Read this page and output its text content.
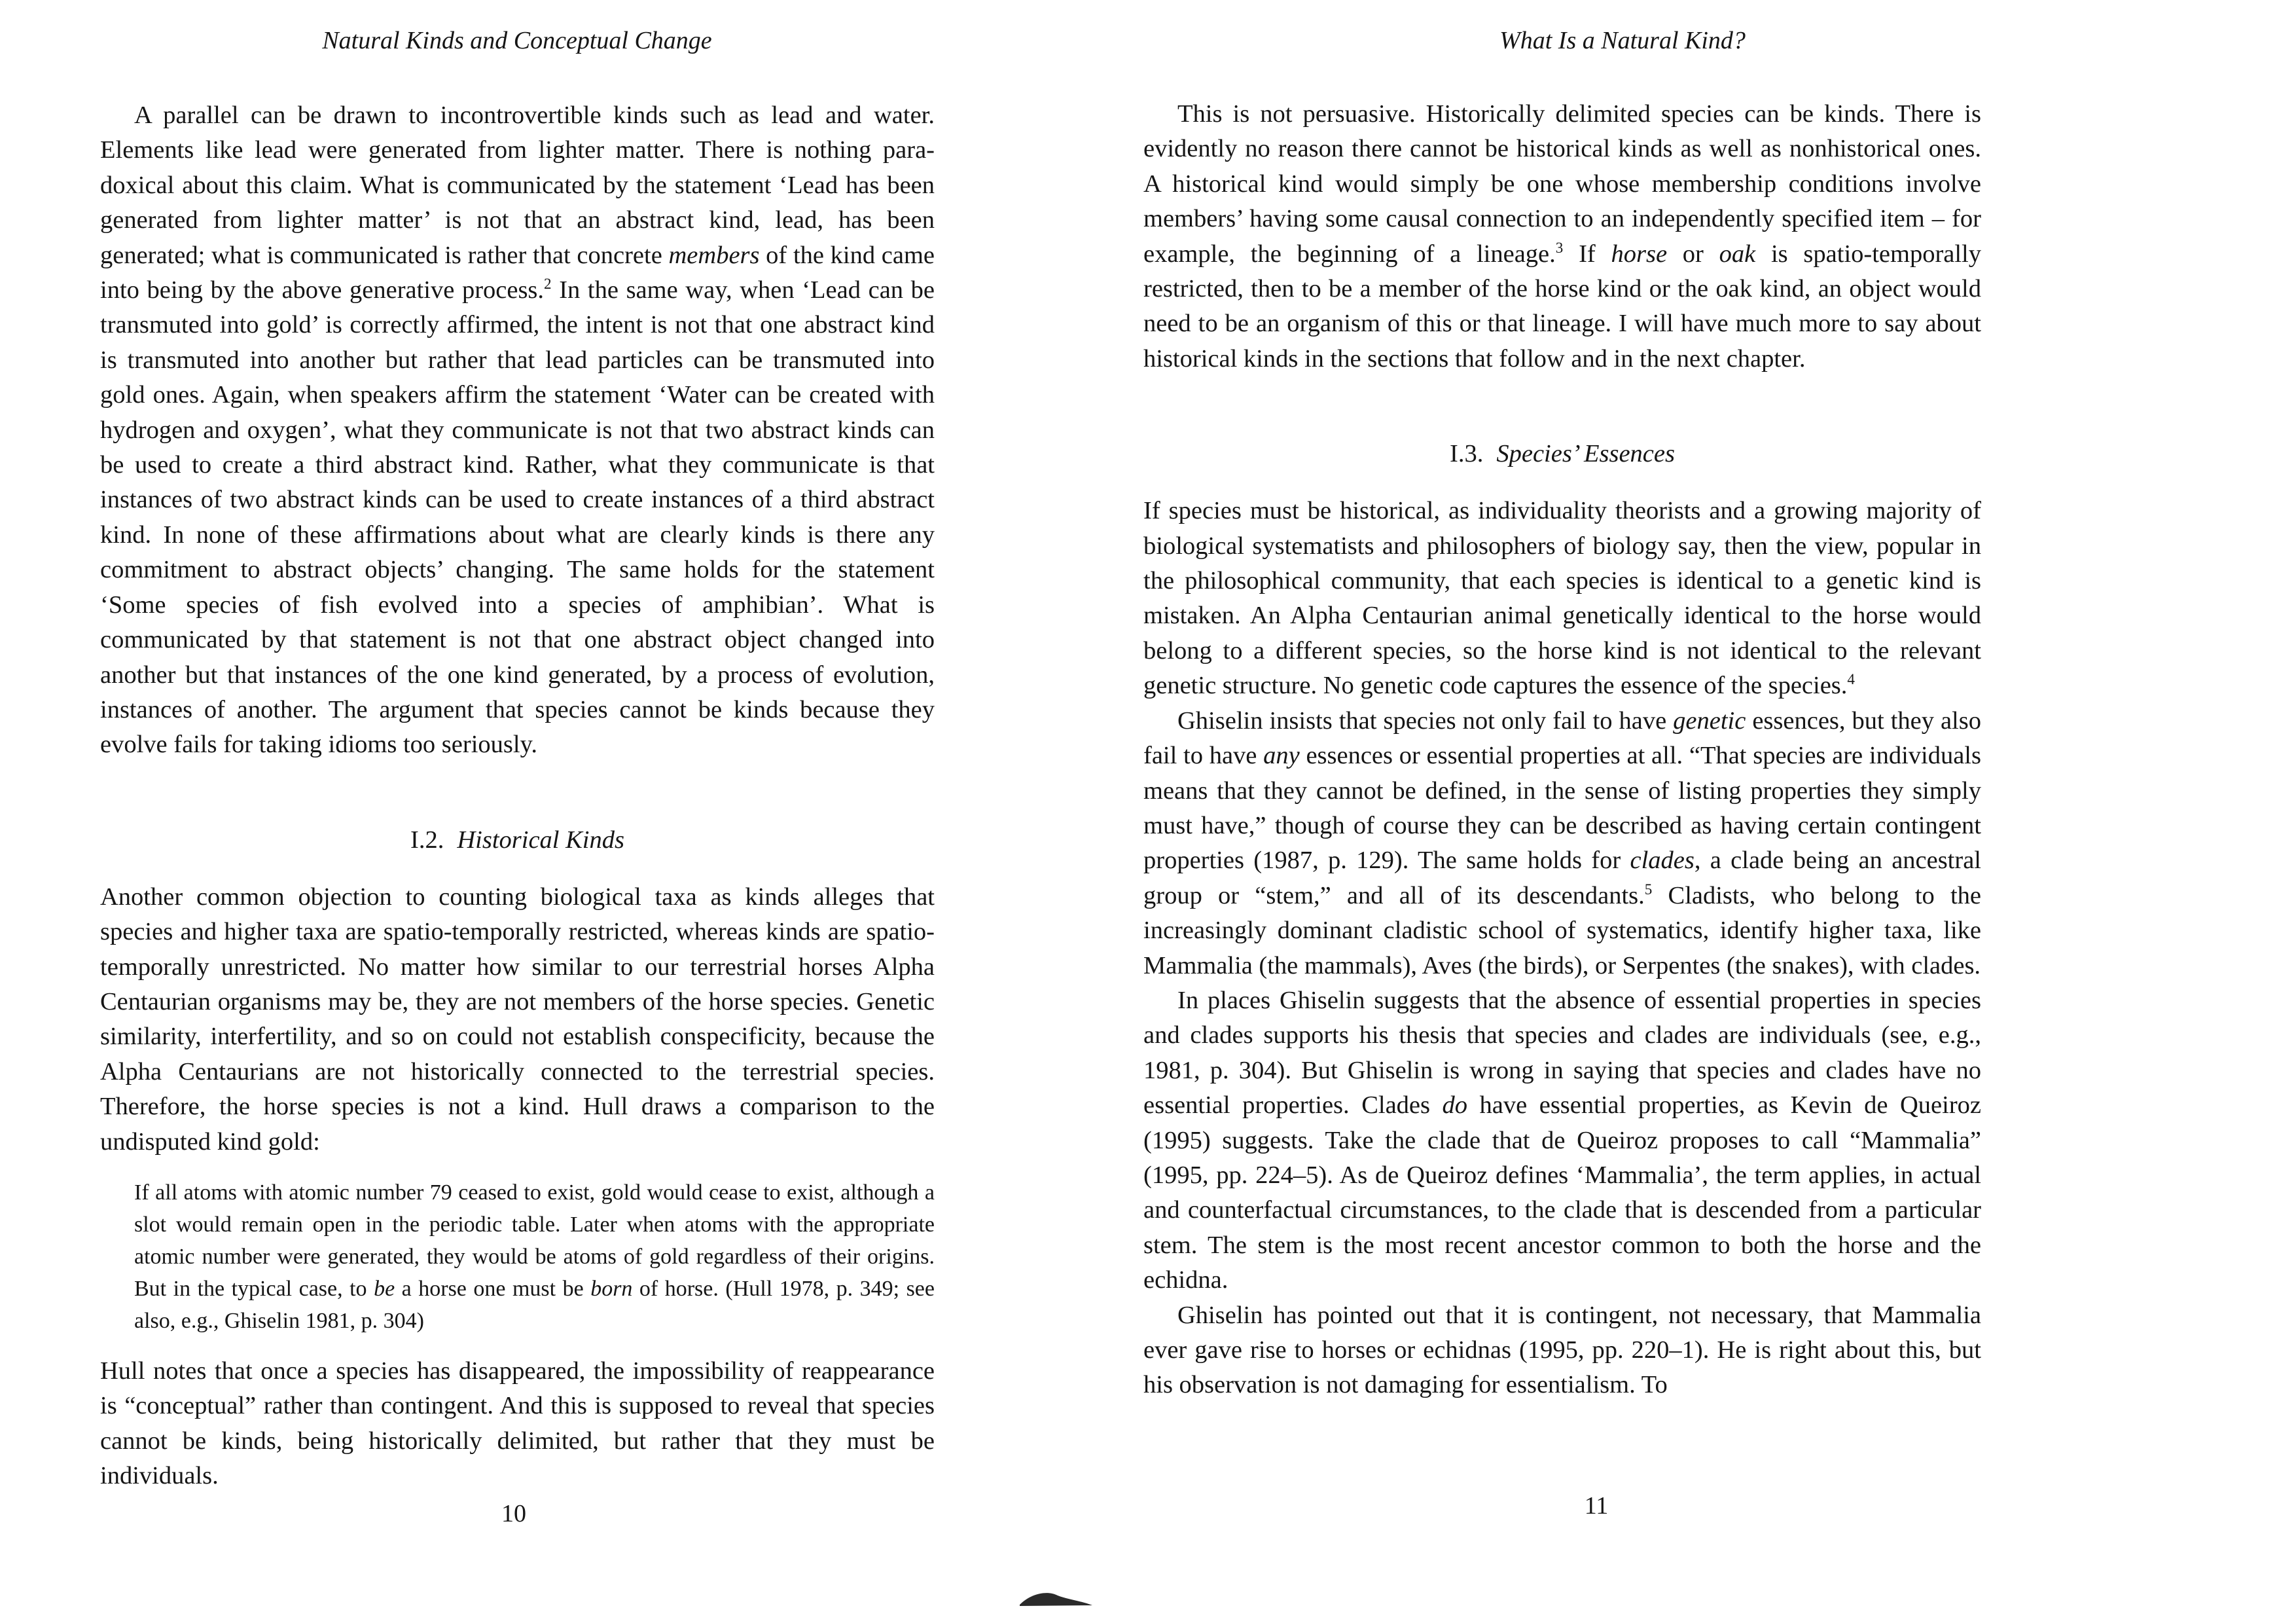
Natural Kinds and Conceptual Change

A parallel can be drawn to incontrovertible kinds such as lead and water. Elements like lead were generated from lighter matter. There is nothing paradoxical about this claim. What is communicated by the statement ‘Lead has been generated from lighter matter’ is not that an abstract kind, lead, has been generated; what is communicated is rather that concrete members of the kind came into being by the above generative process.$^2$ In the same way, when ‘Lead can be transmuted into gold’ is correctly affirmed, the intent is not that one abstract kind is transmuted into another but rather that lead particles can be transmuted into gold ones. Again, when speakers affirm the statement ‘Water can be created with hydrogen and oxygen’, what they communicate is not that two abstract kinds can be used to create a third abstract kind. Rather, what they communicate is that instances of two abstract kinds can be used to create instances of a third abstract kind. In none of these affirmations about what are clearly kinds is there any commitment to abstract objects’ changing. The same holds for the statement ‘Some species of fish evolved into a species of amphibian’. What is communicated by that statement is not that one abstract object changed into another but that instances of the one kind generated, by a process of evolution, instances of another. The argument that species cannot be kinds because they evolve fails for taking idioms too seriously.

I.2. Historical Kinds

Another common objection to counting biological taxa as kinds alleges that species and higher taxa are spatio-temporally restricted, whereas kinds are spatio-temporally unrestricted. No matter how similar to our terrestrial horses Alpha Centaurian organisms may be, they are not members of the horse species. Genetic similarity, interfertility, and so on could not establish conspecificity, because the Alpha Centaurians are not historically connected to the terrestrial species. Therefore, the horse species is not a kind. Hull draws a comparison to the undisputed kind gold:

If all atoms with atomic number 79 ceased to exist, gold would cease to exist, although a slot would remain open in the periodic table. Later when atoms with the appropriate atomic number were generated, they would be atoms of gold regardless of their origins. But in the typical case, to be a horse one must be born of horse. (Hull 1978, p. 349; see also, e.g., Ghiselin 1981, p. 304)

Hull notes that once a species has disappeared, the impossibility of reappearance is “conceptual” rather than contingent. And this is supposed to reveal that species cannot be kinds, being historically delimited, but rather that they must be individuals.

10
What Is a Natural Kind?

This is not persuasive. Historically delimited species can be kinds. There is evidently no reason there cannot be historical kinds as well as nonhistorical ones. A historical kind would simply be one whose membership conditions involve members’ having some causal connection to an independently specified item – for example, the beginning of a lineage.$^3$ If horse or oak is spatio-temporally restricted, then to be a member of the horse kind or the oak kind, an object would need to be an organism of this or that lineage. I will have much more to say about historical kinds in the sections that follow and in the next chapter.

I.3. Species’ Essences

If species must be historical, as individuality theorists and a growing majority of biological systematists and philosophers of biology say, then the view, popular in the philosophical community, that each species is identical to a genetic kind is mistaken. An Alpha Centaurian animal genetically identical to the horse would belong to a different species, so the horse kind is not identical to the relevant genetic structure. No genetic code captures the essence of the species.$^4$

Ghiselin insists that species not only fail to have genetic essences, but they also fail to have any essences or essential properties at all. “That species are individuals means that they cannot be defined, in the sense of listing properties they simply must have,” though of course they can be described as having certain contingent properties (1987, p. 129). The same holds for clades, a clade being an ancestral group or “stem,” and all of its descendants.$^5$ Cladists, who belong to the increasingly dominant cladistic school of systematics, identify higher taxa, like Mammalia (the mammals), Aves (the birds), or Serpentes (the snakes), with clades.

In places Ghiselin suggests that the absence of essential properties in species and clades supports his thesis that species and clades are individuals (see, e.g., 1981, p. 304). But Ghiselin is wrong in saying that species and clades have no essential properties. Clades do have essential properties, as Kevin de Queiroz (1995) suggests. Take the clade that de Queiroz proposes to call “Mammalia” (1995, pp. 224–5). As de Queiroz defines ‘Mammalia’, the term applies, in actual and counterfactual circumstances, to the clade that is descended from a particular stem. The stem is the most recent ancestor common to both the horse and the echidna.

Ghiselin has pointed out that it is contingent, not necessary, that Mammalia ever gave rise to horses or echidnas (1995, pp. 220–1). He is right about this, but his observation is not damaging for essentialism. To

11
